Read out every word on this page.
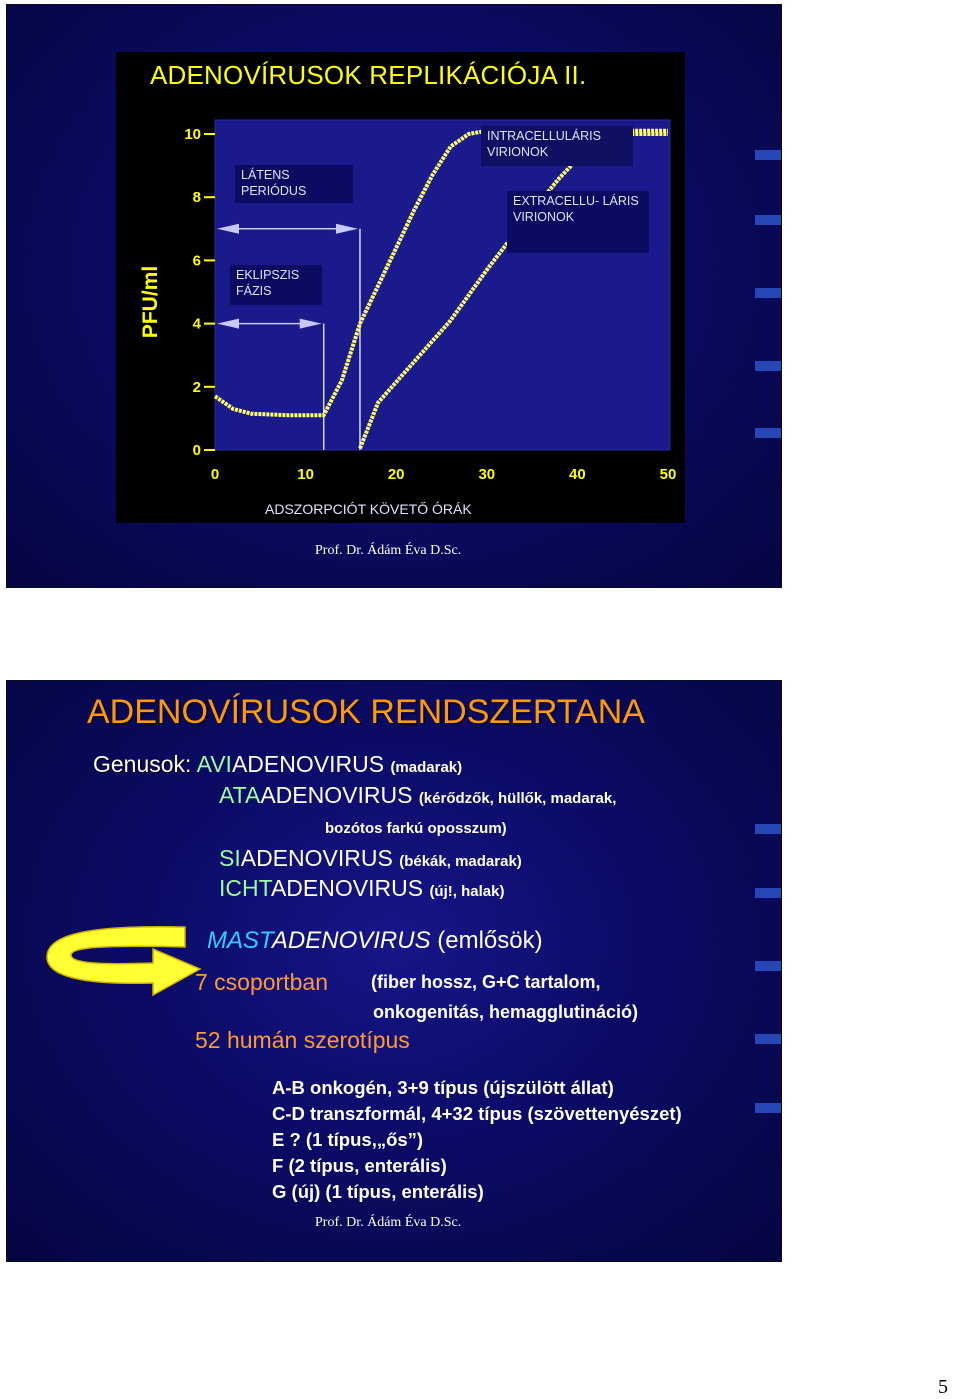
0
2
4
6
8
10
0	10	20	30	40	50
ADENOVÍRUSOK REPLIKÁCIÓJA II.
PFU/ml
LÁTENS PERIÓDUS
INTRACELLULÁRIS VIRIONOK
EXTRACELLU- LÁRIS VIRIONOK
EKLIPSZIS FÁZIS
ADSZORPCIÓT KÖVETŐ ÓRÁK
Prof. Dr. Ádám Éva D.Sc.
ADENOVÍRUSOK RENDSZERTANA
Genusok: AVIADENOVIRUS (madarak)
ATAADENOVIRUS (kérődzők, hüllők, madarak,
bozótos farkú oposszum)
SIADENOVIRUS (békák, madarak)
ICHTADENOVIRUS (új!, halak)
MASTADENOVIRUS (emlősök)
7 csoportban (fiber hossz, G+C tartalom,
onkogenitás, hemagglutináció)
52 humán szerotípus
A-B onkogén, 3+9 típus (újszülött állat)
C-D transzformál, 4+32 típus (szövettenyészet)
E ? (1 típus,„ős”)
F (2 típus, enterális)
G (új) (1 típus, enterális)
Prof. Dr. Ádám Éva D.Sc.
5
